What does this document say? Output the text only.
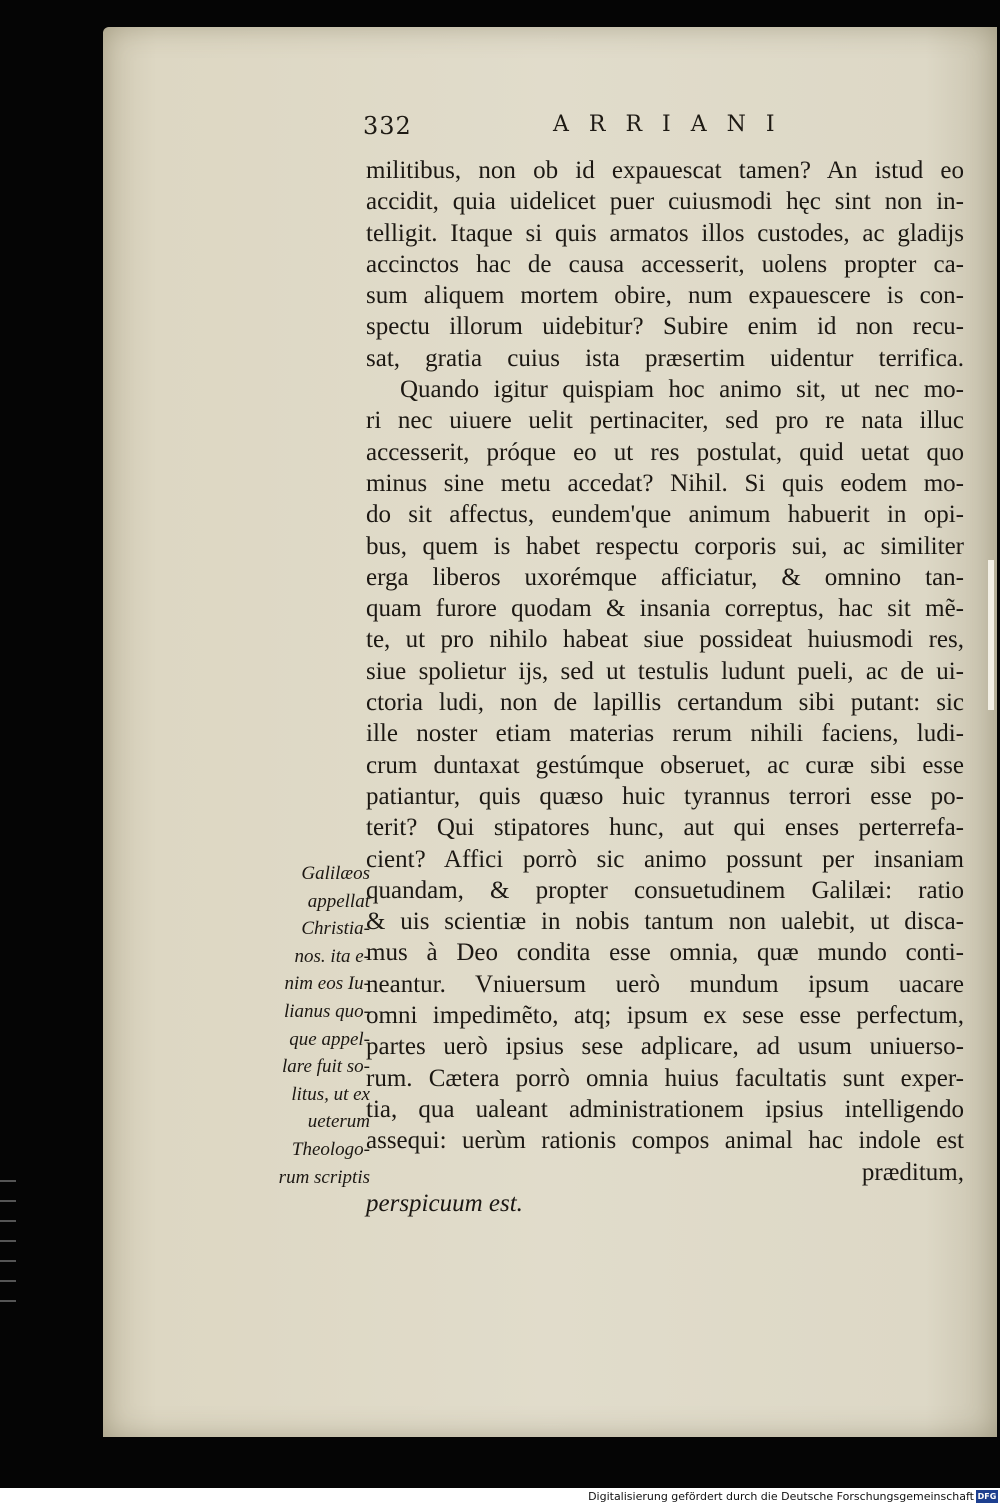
332	ARRIANI
militibus, non ob id expauescat tamen? An istud eo
accidit, quia uidelicet puer cuiusmodi hęc sint non in-
telligit. Itaque si quis armatos illos custodes, ac gladijs
accinctos hac de causa accesserit, uolens propter ca-
sum aliquem mortem obire, num expauescere is con-
spectu illorum uidebitur? Subire enim id non recu-
sat, gratia cuius ista præsertim uidentur terrifica.
Quando igitur quispiam hoc animo sit, ut nec mo-
ri nec uiuere uelit pertinaciter, sed pro re nata illuc
accesserit, próque eo ut res postulat, quid uetat quo
minus sine metu accedat? Nihil. Si quis eodem mo-
do sit affectus, eundem'que animum habuerit in opi-
bus, quem is habet respectu corporis sui, ac similiter
erga liberos uxorémque afficiatur, & omnino tan-
quam furore quodam & insania correptus, hac sit mẽ-
te, ut pro nihilo habeat siue possideat huiusmodi res,
siue spolietur ijs, sed ut testulis ludunt pueli, ac de ui-
ctoria ludi, non de lapillis certandum sibi putant: sic
ille noster etiam materias rerum nihili faciens, ludi-
crum duntaxat gestúmque obseruet, ac curæ sibi esse
patiantur, quis quæso huic tyrannus terrori esse po-
terit? Qui stipatores hunc, aut qui enses perterrefa-
cient? Affici porrò sic animo possunt per insaniam
quandam, & propter consuetudinem Galilæi: ratio
& uis scientiæ in nobis tantum non ualebit, ut disca-
mus à Deo condita esse omnia, quæ mundo conti-
neantur. Vniuersum uerò mundum ipsum uacare
omni impedimẽto, atq; ipsum ex sese esse perfectum,
partes uerò ipsius sese adplicare, ad usum uniuerso-
rum. Cætera porrò omnia huius facultatis sunt exper-
tia, qua ualeant administrationem ipsius intelligendo
assequi: uerùm rationis compos animal hac indole est
præditum,
perspicuum est.
Galilæos
appellat
Christia-
nos. ita e-
nim eos Iu-
lianus quo-
que appel-
lare fuit so-
litus, ut ex
ueterum
Theologo-
rum scriptis
Digitalisierung gefördert durch die Deutsche Forschungsgemeinschaft DFG
